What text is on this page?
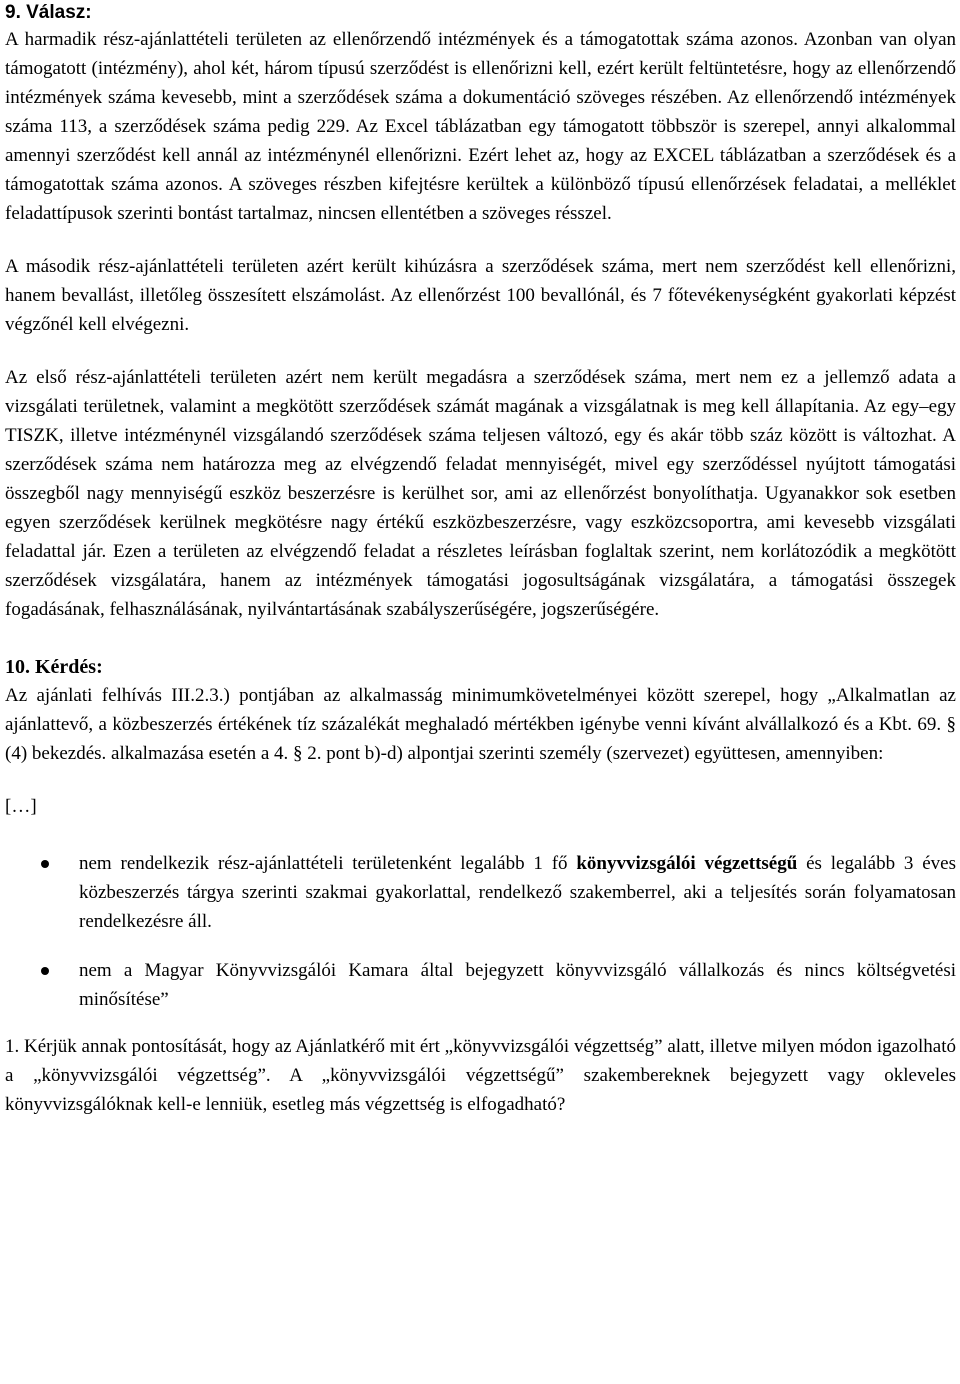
9. Válasz:

A harmadik rész-ajánlattételi területen az ellenőrzendő intézmények és a támogatottak száma azonos. Azonban van olyan támogatott (intézmény), ahol két, három típusú szerződést is ellenőrizni kell, ezért került feltüntetésre, hogy az ellenőrzendő intézmények száma kevesebb, mint a szerződések száma a dokumentáció szöveges részében. Az ellenőrzendő intézmények száma 113, a szerződések száma pedig 229. Az Excel táblázatban egy támogatott többször is szerepel, annyi alkalommal amennyi szerződést kell annál az intézménynél ellenőrizni. Ezért lehet az, hogy az EXCEL táblázatban a szerződések és a támogatottak száma azonos. A szöveges részben kifejtésre kerültek a különböző típusú ellenőrzések feladatai, a melléklet feladattípusok szerinti bontást tartalmaz, nincsen ellentétben a szöveges résszel.

A második rész-ajánlattételi területen azért került kihúzásra a szerződések száma, mert nem szerződést kell ellenőrizni, hanem bevallást, illetőleg összesített elszámolást. Az ellenőrzést 100 bevallónál, és 7 főtevékenységként gyakorlati képzést végzőnél kell elvégezni.

Az első rész-ajánlattételi területen azért nem került megadásra a szerződések száma, mert nem ez a jellemző adata a vizsgálati területnek, valamint a megkötött szerződések számát magának a vizsgálatnak is meg kell állapítania. Az egy–egy TISZK, illetve intézménynél vizsgálandó szerződések száma teljesen változó, egy és akár több száz között is változhat. A szerződések száma nem határozza meg az elvégzendő feladat mennyiségét, mivel egy szerződéssel nyújtott támogatási összegből nagy mennyiségű eszköz beszerzésre is kerülhet sor, ami az ellenőrzést bonyolíthatja. Ugyanakkor sok esetben egyen szerződések kerülnek megkötésre nagy értékű eszközbeszerzésre, vagy eszközcsoportra, ami kevesebb vizsgálati feladattal jár. Ezen a területen az elvégzendő feladat a részletes leírásban foglaltak szerint, nem korlátozódik a megkötött szerződések vizsgálatára, hanem az intézmények támogatási jogosultságának vizsgálatára, a támogatási összegek fogadásának, felhasználásának, nyilvántartásának szabályszerűségére, jogszerűségére.

10. Kérdés:

Az ajánlati felhívás III.2.3.) pontjában az alkalmasság minimumkövetelményei között szerepel, hogy „Alkalmatlan az ajánlattevő, a közbeszerzés értékének tíz százalékát meghaladó mértékben igénybe venni kívánt alvállalkozó és a Kbt. 69. § (4) bekezdés. alkalmazása esetén a 4. § 2. pont b)-d) alpontjai szerinti személy (szervezet) együttesen, amennyiben:

[…]

nem rendelkezik rész-ajánlattételi területenként legalább 1 fő könyvvizsgálói végzettségű és legalább 3 éves közbeszerzés tárgya szerinti szakmai gyakorlattal, rendelkező szakemberrel, aki a teljesítés során folyamatosan rendelkezésre áll.

nem a Magyar Könyvvizsgálói Kamara által bejegyzett könyvvizsgáló vállalkozás és nincs költségvetési minősítése”

1. Kérjük annak pontosítását, hogy az Ajánlatkérő mit ért „könyvvizsgálói végzettség” alatt, illetve milyen módon igazolható a „könyvvizsgálói végzettség”. A „könyvvizsgálói végzettségű” szakembereknek bejegyzett vagy okleveles könyvvizsgálóknak kell-e lenniük, esetleg más végzettség is elfogadható?
